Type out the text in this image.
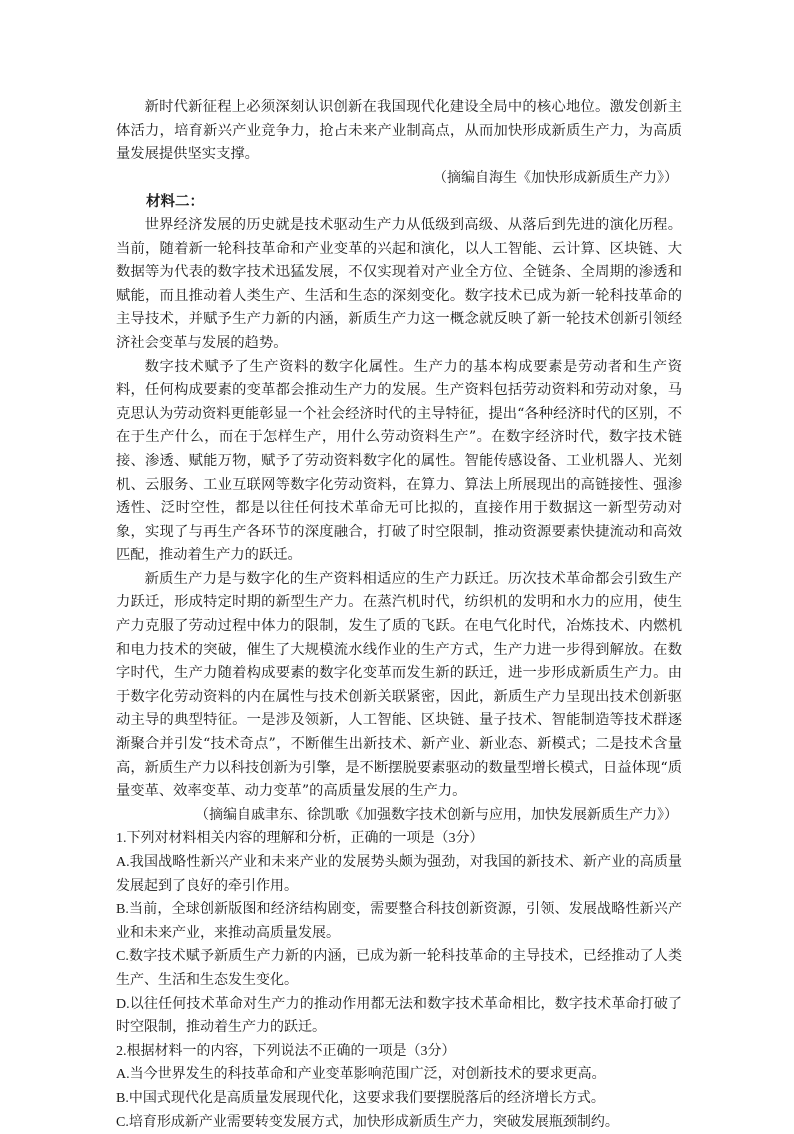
新时代新征程上必须深刻认识创新在我国现代化建设全局中的核心地位。激发创新主体活力，培育新兴产业竞争力，抢占未来产业制高点，从而加快形成新质生产力，为高质量发展提供坚实支撑。

（摘编自海生《加快形成新质生产力》）

材料二：

世界经济发展的历史就是技术驱动生产力从低级到高级、从落后到先进的演化历程。当前，随着新一轮科技革命和产业变革的兴起和演化，以人工智能、云计算、区块链、大数据等为代表的数字技术迅猛发展，不仅实现着对产业全方位、全链条、全周期的渗透和赋能，而且推动着人类生产、生活和生态的深刻变化。数字技术已成为新一轮科技革命的主导技术，并赋予生产力新的内涵，新质生产力这一概念就反映了新一轮技术创新引领经济社会变革与发展的趋势。

数字技术赋予了生产资料的数字化属性。生产力的基本构成要素是劳动者和生产资料，任何构成要素的变革都会推动生产力的发展。生产资料包括劳动资料和劳动对象，马克思认为劳动资料更能彰显一个社会经济时代的主导特征，提出“各种经济时代的区别，不在于生产什么，而在于怎样生产，用什么劳动资料生产”。在数字经济时代，数字技术链接、渗透、赋能万物，赋予了劳动资料数字化的属性。智能传感设备、工业机器人、光刻机、云服务、工业互联网等数字化劳动资料，在算力、算法上所展现出的高链接性、强渗透性、泛时空性，都是以往任何技术革命无可比拟的，直接作用于数据这一新型劳动对象，实现了与再生产各环节的深度融合，打破了时空限制，推动资源要素快捷流动和高效匹配，推动着生产力的跃迁。

新质生产力是与数字化的生产资料相适应的生产力跃迁。历次技术革命都会引致生产力跃迁，形成特定时期的新型生产力。在蒸汽机时代，纺织机的发明和水力的应用，使生产力克服了劳动过程中体力的限制，发生了质的飞跃。在电气化时代，冶炼技术、内燃机和电力技术的突破，催生了大规模流水线作业的生产方式，生产力进一步得到解放。在数字时代，生产力随着构成要素的数字化变革而发生新的跃迁，进一步形成新质生产力。由于数字化劳动资料的内在属性与技术创新关联紧密，因此，新质生产力呈现出技术创新驱动主导的典型特征。一是涉及领新，人工智能、区块链、量子技术、智能制造等技术群逐渐聚合并引发“技术奇点”，不断催生出新技术、新产业、新业态、新模式；二是技术含量高，新质生产力以科技创新为引擎，是不断摆脱要素驱动的数量型增长模式，日益体现“质量变革、效率变革、动力变革”的高质量发展的生产力。

（摘编自戚聿东、徐凯歌《加强数字技术创新与应用，加快发展新质生产力》）

1.下列对材料相关内容的理解和分析，正确的一项是（3分）

A.我国战略性新兴产业和未来产业的发展势头颇为强劲，对我国的新技术、新产业的高质量发展起到了良好的牵引作用。

B.当前，全球创新版图和经济结构剧变，需要整合科技创新资源，引领、发展战略性新兴产业和未来产业，来推动高质量发展。

C.数字技术赋予新质生产力新的内涵，已成为新一轮科技革命的主导技术，已经推动了人类生产、生活和生态发生变化。

D.以往任何技术革命对生产力的推动作用都无法和数字技术革命相比，数字技术革命打破了时空限制，推动着生产力的跃迁。

2.根据材料一的内容，下列说法不正确的一项是（3分）

A.当今世界发生的科技革命和产业变革影响范围广泛，对创新技术的要求更高。

B.中国式现代化是高质量发展现代化，这要求我们要摆脱落后的经济增长方式。

C.培育形成新产业需要转变发展方式，加快形成新质生产力，突破发展瓶颈制约。
